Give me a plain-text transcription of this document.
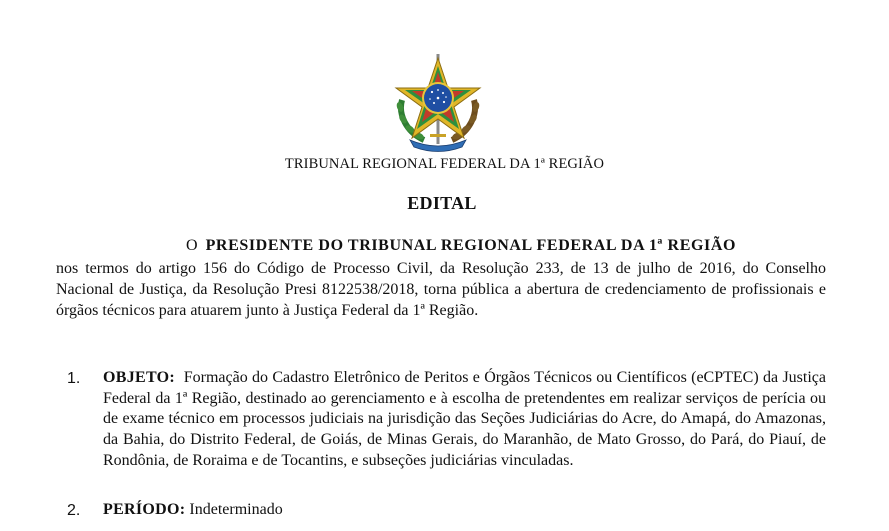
TRIBUNAL REGIONAL FEDERAL DA 1ª REGIÃO
EDITAL
O PRESIDENTE DO TRIBUNAL REGIONAL FEDERAL DA 1ª REGIÃO
nos termos do artigo 156 do Código de Processo Civil, da Resolução 233, de 13 de julho de 2016, do Conselho Nacional de Justiça, da Resolução Presi 8122538/2018, torna pública a abertura de credenciamento de profissionais e órgãos técnicos para atuarem junto à Justiça Federal da 1ª Região.
1. OBJETO: Formação do Cadastro Eletrônico de Peritos e Órgãos Técnicos ou Científicos (eCPTEC) da Justiça Federal da 1ª Região, destinado ao gerenciamento e à escolha de pretendentes em realizar serviços de perícia ou de exame técnico em processos judiciais na jurisdição das Seções Judiciárias do Acre, do Amapá, do Amazonas, da Bahia, do Distrito Federal, de Goiás, de Minas Gerais, do Maranhão, de Mato Grosso, do Pará, do Piauí, de Rondônia, de Roraima e de Tocantins, e subseções judiciárias vinculadas.
2. PERÍODO: Indeterminado
